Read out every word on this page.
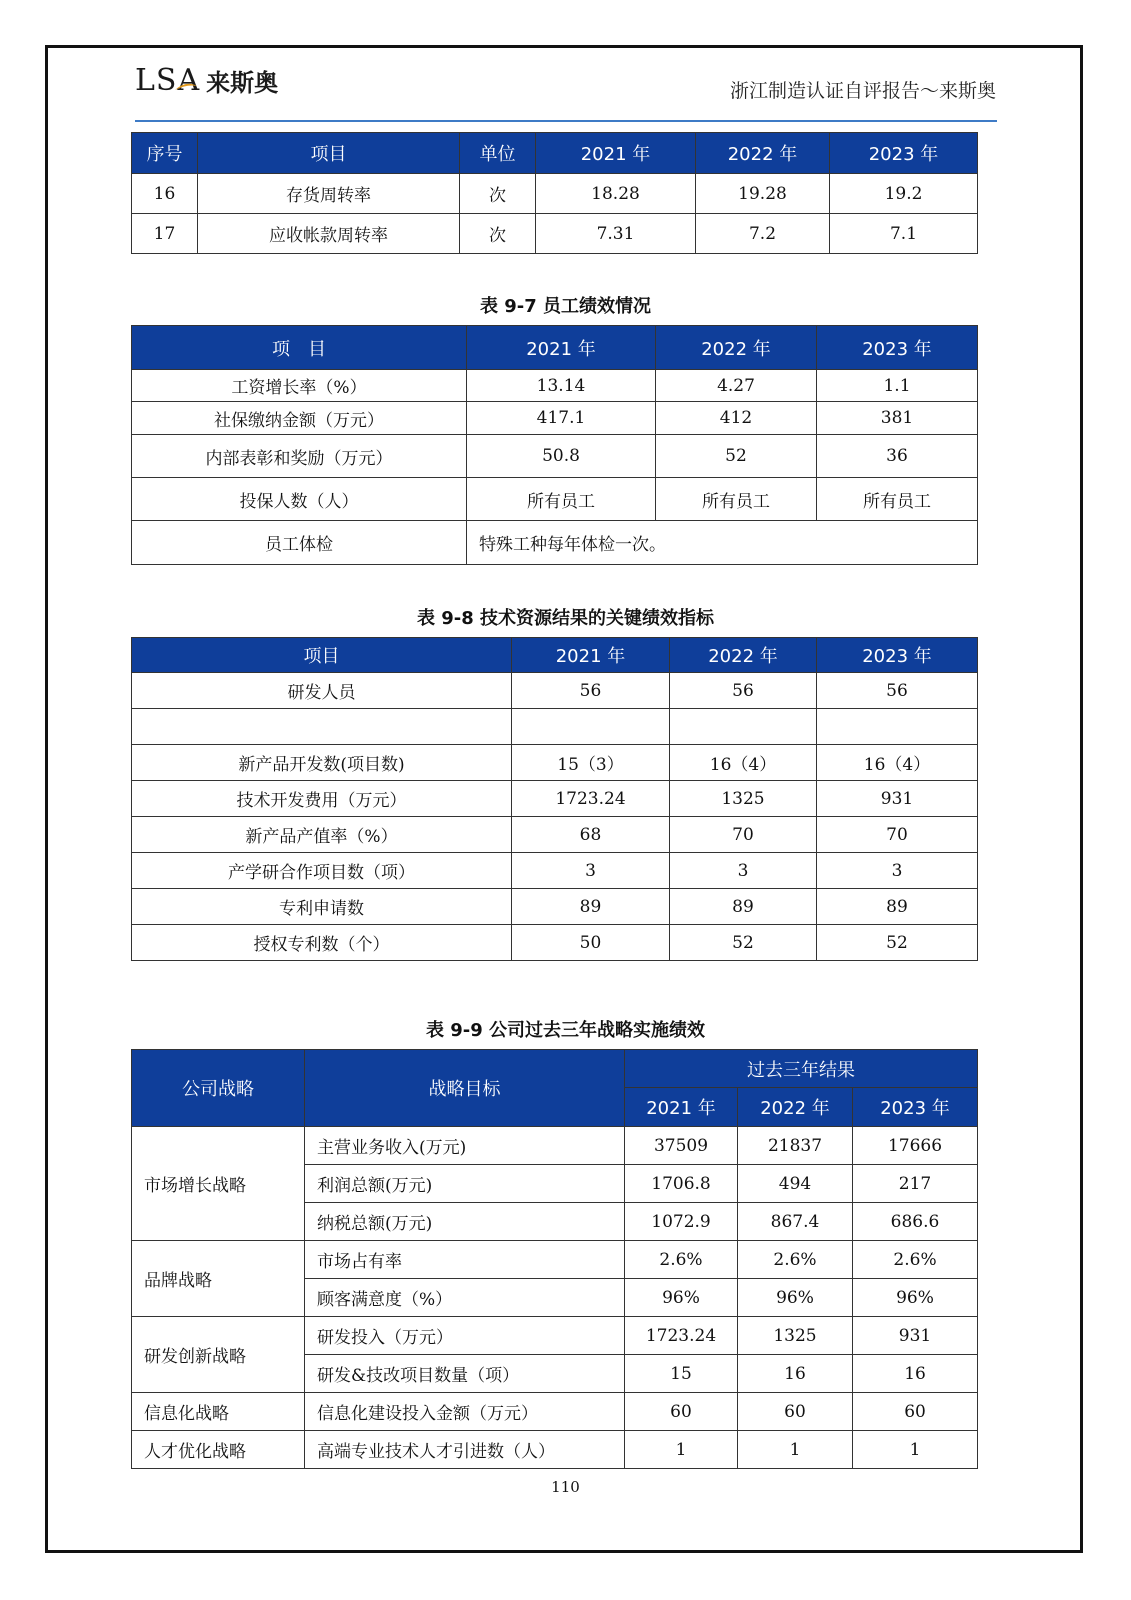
LSA 来斯奥	浙江制造认证自评报告～来斯奥
序号	项目	单位	2021 年	2022 年	2023 年
16	存货周转率	次	18.28	19.28	19.2
17	应收帐款周转率	次	7.31	7.2	7.1
表 9-7 员工绩效情况
项　目	2021 年	2022 年	2023 年
工资增长率（%）	13.14	4.27	1.1
社保缴纳金额（万元）	417.1	412	381
内部表彰和奖励（万元）	50.8	52	36
投保人数（人）	所有员工	所有员工	所有员工
员工体检	特殊工种每年体检一次。		
表 9-8 技术资源结果的关键绩效指标
项目	2021 年	2022 年	2023 年
研发人员	56	56	56

新产品开发数(项目数)	15（3）	16（4）	16（4）
技术开发费用（万元）	1723.24	1325	931
新产品产值率（%）	68	70	70
产学研合作项目数（项）	3	3	3
专利申请数	89	89	89
授权专利数（个）	50	52	52
表 9-9 公司过去三年战略实施绩效
公司战略	战略目标	过去三年结果		
		2021 年	2022 年	2023 年
市场增长战略	主营业务收入(万元)	37509	21837	17666
	利润总额(万元)	1706.8	494	217
	纳税总额(万元)	1072.9	867.4	686.6
品牌战略	市场占有率	2.6%	2.6%	2.6%
	顾客满意度（%）	96%	96%	96%
研发创新战略	研发投入（万元）	1723.24	1325	931
	研发&技改项目数量（项）	15	16	16
信息化战略	信息化建设投入金额（万元）	60	60	60
人才优化战略	高端专业技术人才引进数（人）	1	1	1
110
